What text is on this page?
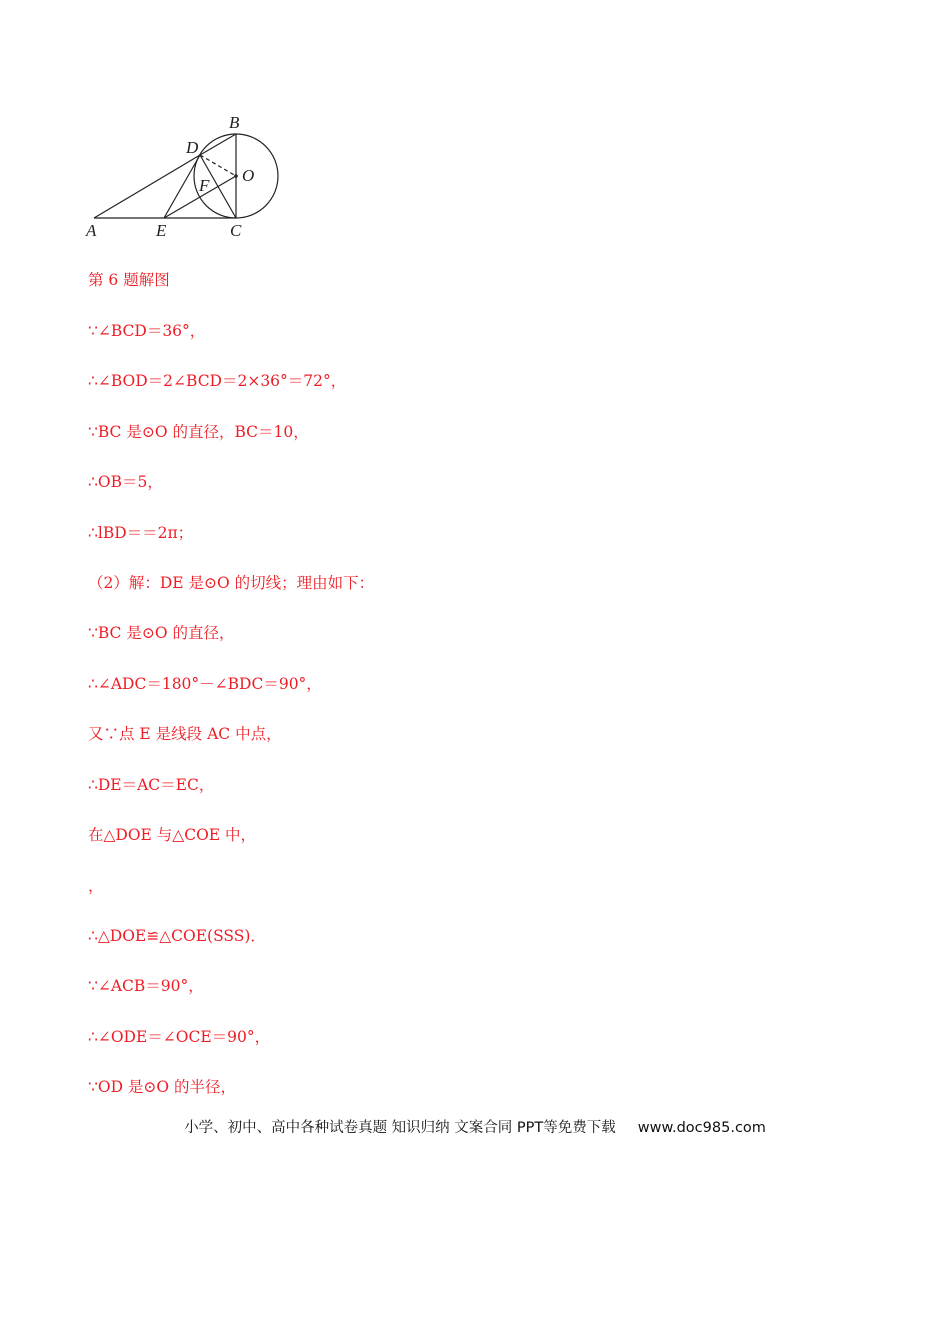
A	E	C
B
D
F
O
第 6 题解图
∵∠BCD＝36°，
∴∠BOD＝2∠BCD＝2×36°＝72°，
∵BC 是⊙O 的直径，BC＝10，
∴OB＝5，
∴lBD＝＝2π；
（2）解：DE 是⊙O 的切线；理由如下：
∵BC 是⊙O 的直径，
∴∠ADC＝180°－∠BDC＝90°，
又∵点 E 是线段 AC 中点，
∴DE＝AC＝EC，
在△DOE 与△COE 中，
，
∴△DOE≌△COE(SSS)．
∵∠ACB＝90°，
∴∠ODE＝∠OCE＝90°，
∵OD 是⊙O 的半径，
小学、初中、高中各种试卷真题 知识归纳 文案合同 PPT等免费下载 www.doc985.com
